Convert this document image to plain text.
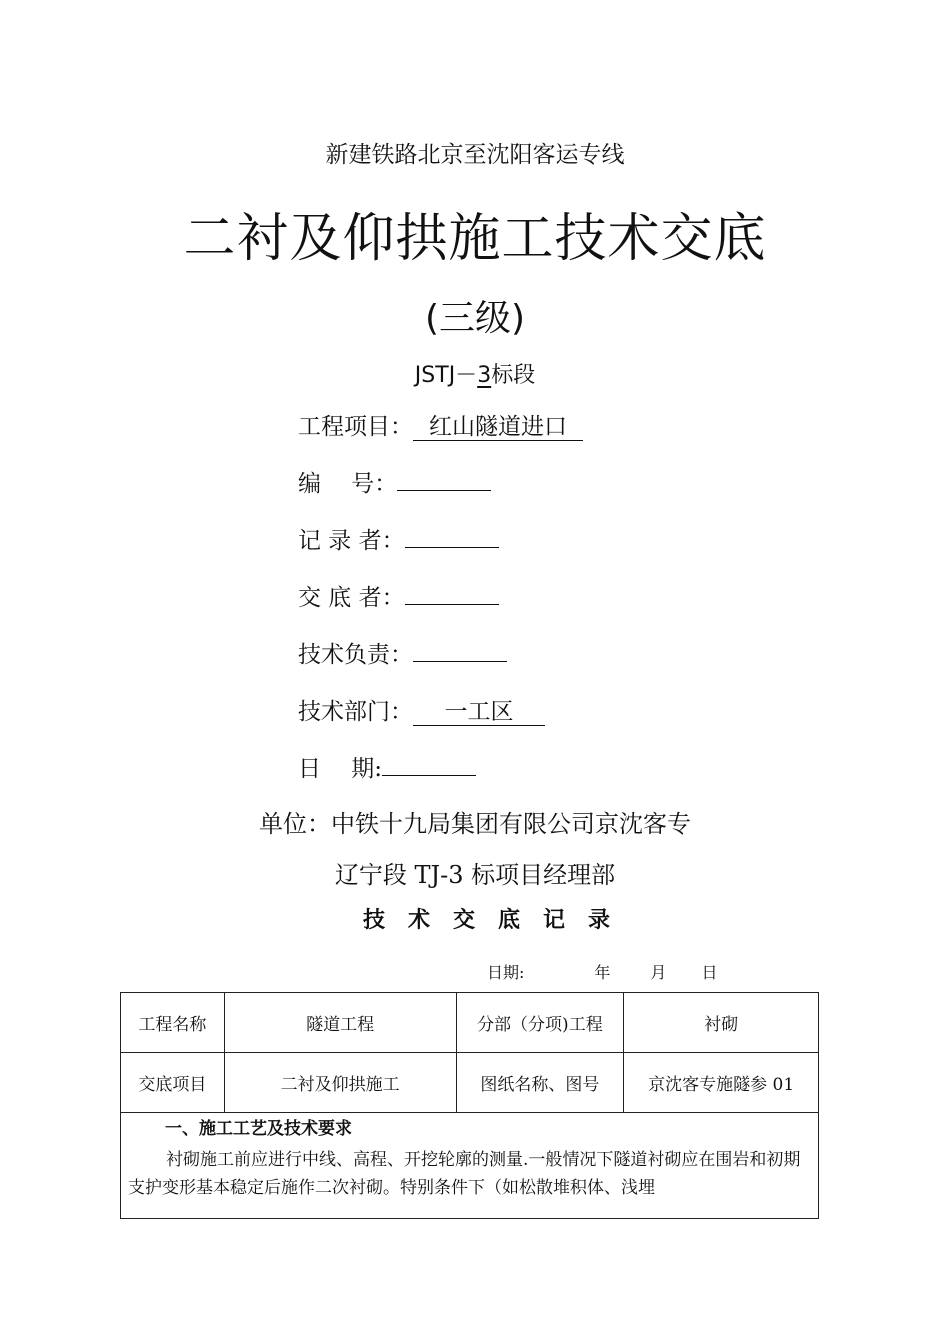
新建铁路北京至沈阳客运专线
二衬及仰拱施工技术交底
(三级)
JSTJ－3标段
工程项目： 红山隧道进口
编　 号：
记 录 者：
交 底 者：
技术负责：
技术部门： 一工区
日　 期:
单位：中铁十九局集团有限公司京沈客专
辽宁段 TJ-3 标项目经理部
技术交底记录
日期:	年	月 日
工程名称	隧道工程	分部（分项)工程	衬砌
交底项目	二衬及仰拱施工	图纸名称、图号	京沈客专施隧参 01
一、施工工艺及技术要求
衬砌施工前应进行中线、高程、开挖轮廓的测量.一般情况下隧道衬砌应在围岩和初期支护变形基本稳定后施作二次衬砌。特别条件下（如松散堆积体、浅埋
